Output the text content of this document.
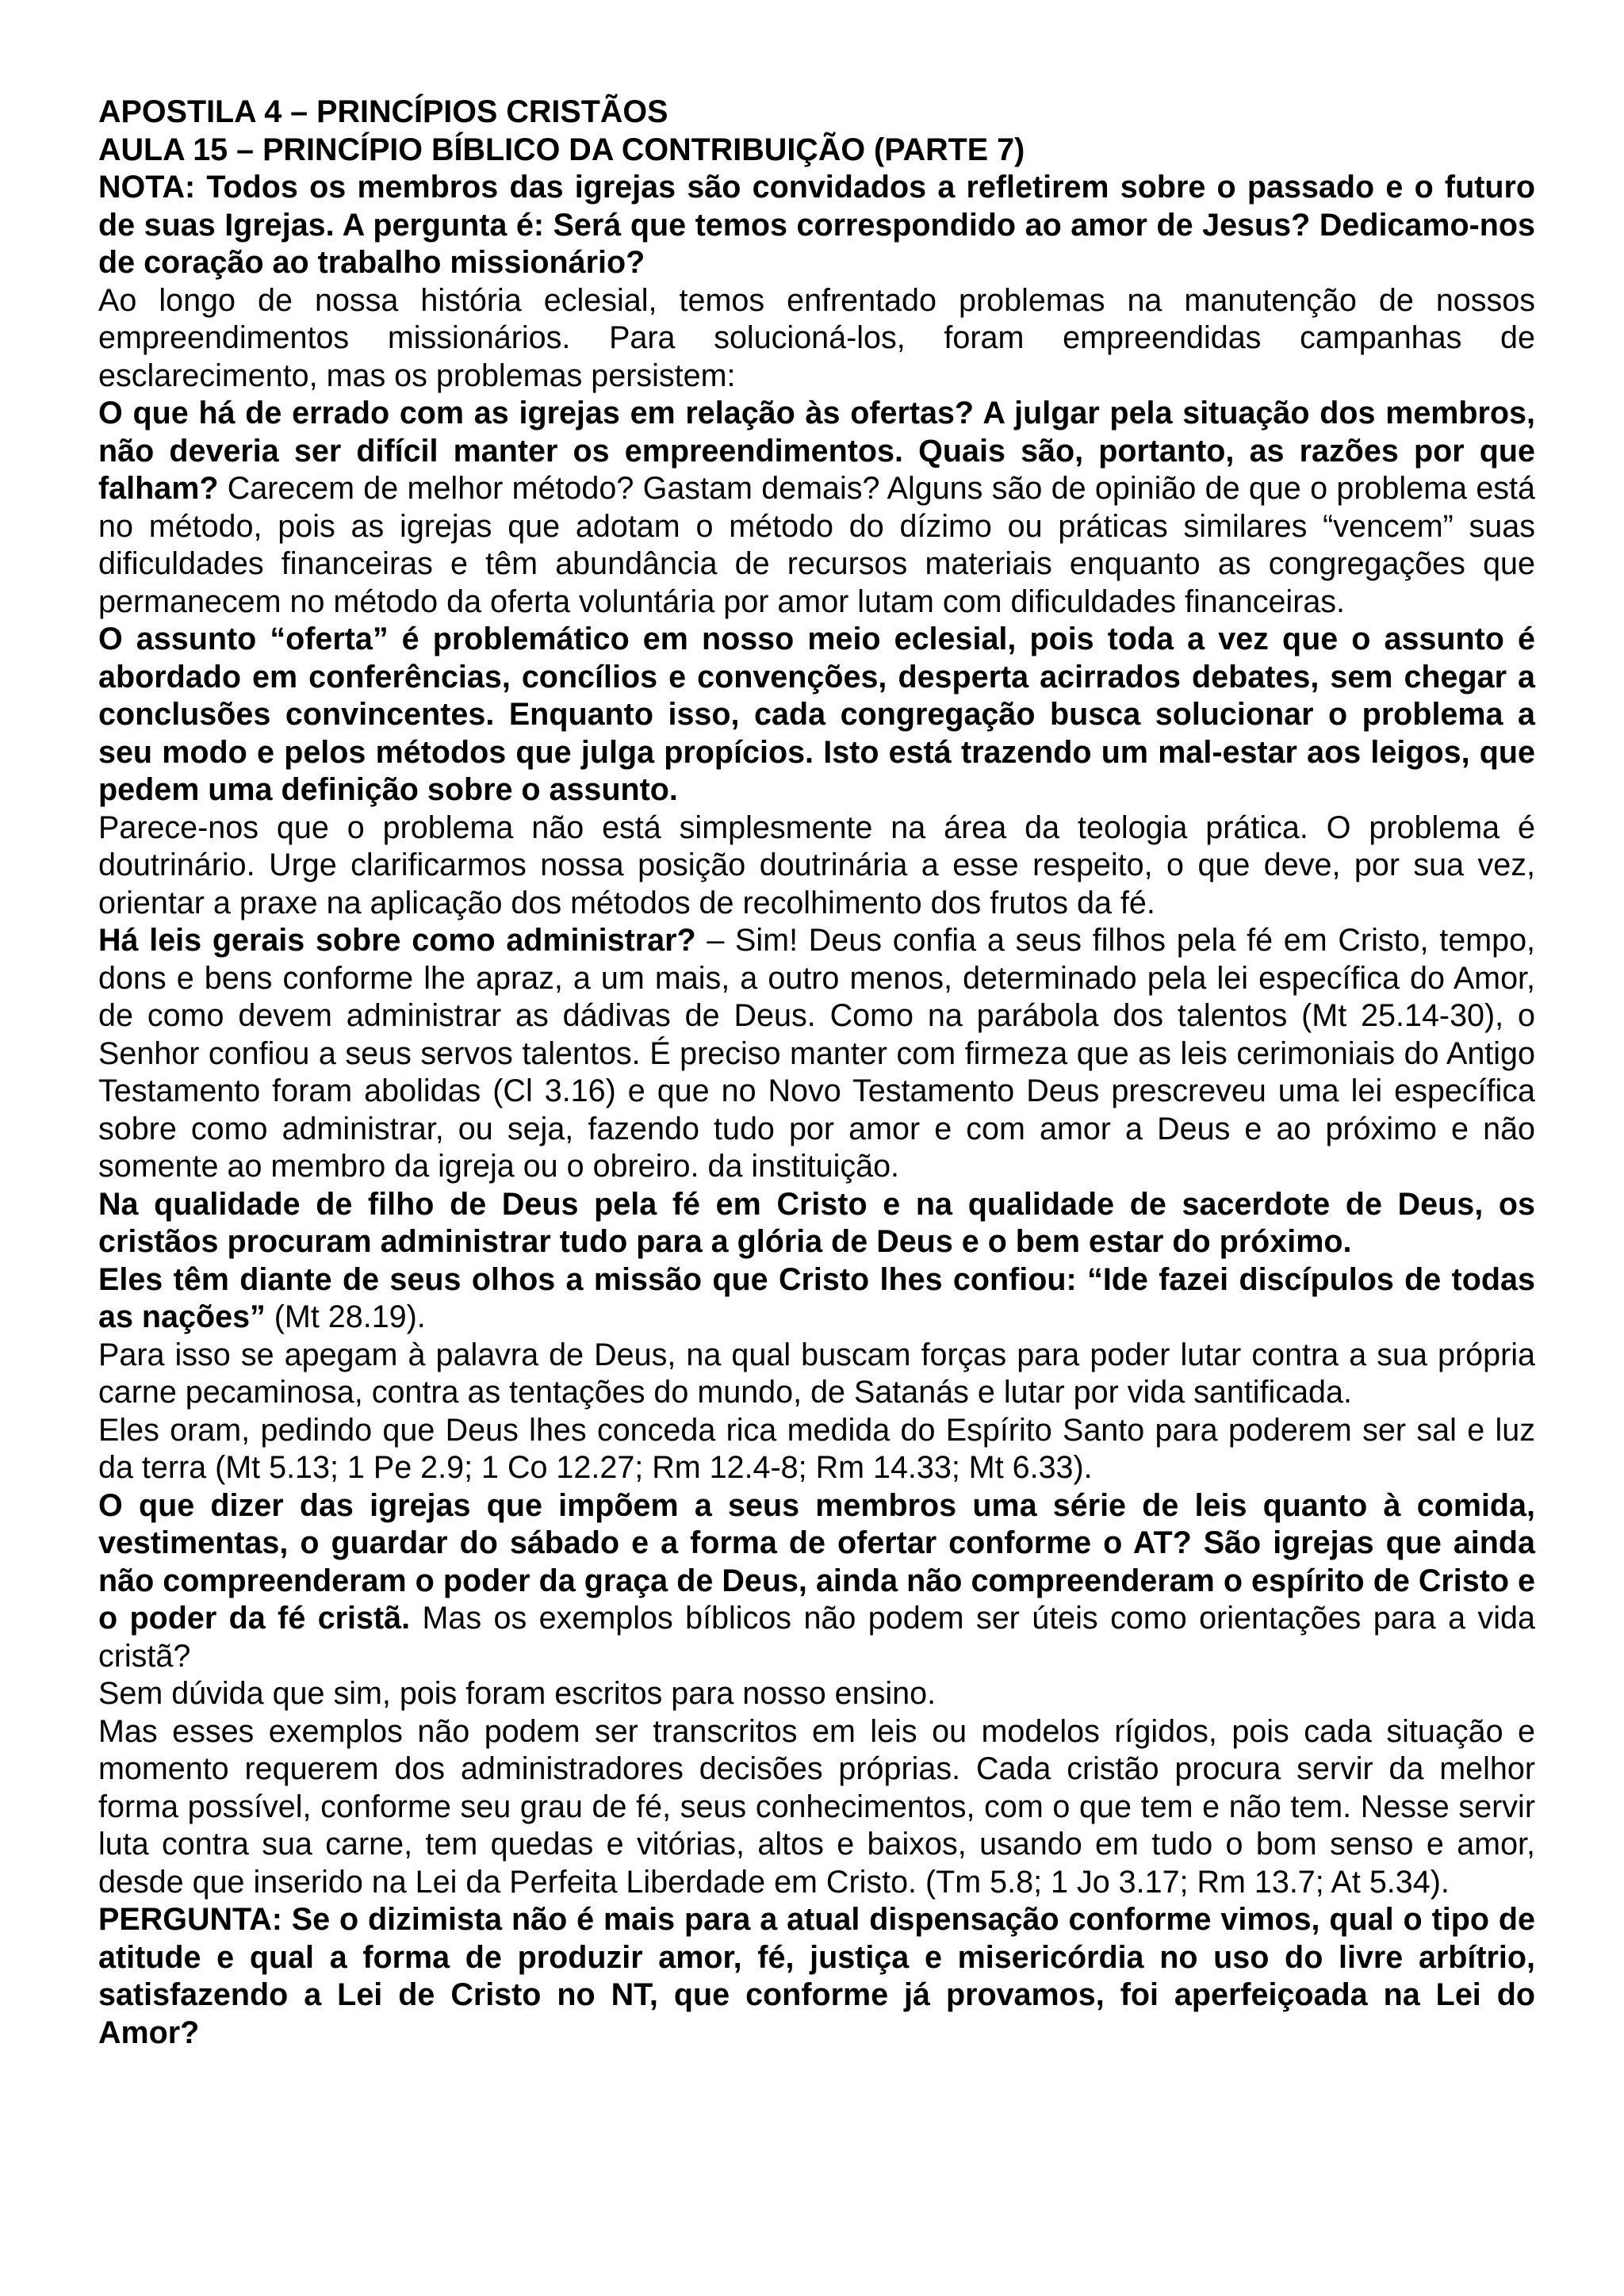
APOSTILA 4 – PRINCÍPIOS CRISTÃOS

AULA 15 – PRINCÍPIO BÍBLICO DA CONTRIBUIÇÃO (PARTE 7)

NOTA: Todos os membros das igrejas são convidados a refletirem sobre o passado e o futuro de suas Igrejas. A pergunta é: Será que temos correspondido ao amor de Jesus? Dedicamo-nos de coração ao trabalho missionário?

Ao longo de nossa história eclesial, temos enfrentado problemas na manutenção de nossos empreendimentos missionários. Para solucioná-los, foram empreendidas campanhas de esclarecimento, mas os problemas persistem:

O que há de errado com as igrejas em relação às ofertas? A julgar pela situação dos membros, não deveria ser difícil manter os empreendimentos. Quais são, portanto, as razões por que falham? Carecem de melhor método? Gastam demais? Alguns são de opinião de que o problema está no método, pois as igrejas que adotam o método do dízimo ou práticas similares “vencem” suas dificuldades financeiras e têm abundância de recursos materiais enquanto as congregações que permanecem no método da oferta voluntária por amor lutam com dificuldades financeiras.

O assunto “oferta” é problemático em nosso meio eclesial, pois toda a vez que o assunto é abordado em conferências, concílios e convenções, desperta acirrados debates, sem chegar a conclusões convincentes. Enquanto isso, cada congregação busca solucionar o problema a seu modo e pelos métodos que julga propícios. Isto está trazendo um mal-estar aos leigos, que pedem uma definição sobre o assunto.

Parece-nos que o problema não está simplesmente na área da teologia prática. O problema é doutrinário. Urge clarificarmos nossa posição doutrinária a esse respeito, o que deve, por sua vez, orientar a praxe na aplicação dos métodos de recolhimento dos frutos da fé.

Há leis gerais sobre como administrar? – Sim! Deus confia a seus filhos pela fé em Cristo, tempo, dons e bens conforme lhe apraz, a um mais, a outro menos, determinado pela lei específica do Amor, de como devem administrar as dádivas de Deus. Como na parábola dos talentos (Mt 25.14-30), o Senhor confiou a seus servos talentos. É preciso manter com firmeza que as leis cerimoniais do Antigo Testamento foram abolidas (Cl 3.16) e que no Novo Testamento Deus prescreveu uma lei específica sobre como administrar, ou seja, fazendo tudo por amor e com amor a Deus e ao próximo e não somente ao membro da igreja ou o obreiro. da instituição.

Na qualidade de filho de Deus pela fé em Cristo e na qualidade de sacerdote de Deus, os cristãos procuram administrar tudo para a glória de Deus e o bem estar do próximo.

Eles têm diante de seus olhos a missão que Cristo lhes confiou: “Ide fazei discípulos de todas as nações” (Mt 28.19).

Para isso se apegam à palavra de Deus, na qual buscam forças para poder lutar contra a sua própria carne pecaminosa, contra as tentações do mundo, de Satanás e lutar por vida santificada.

Eles oram, pedindo que Deus lhes conceda rica medida do Espírito Santo para poderem ser sal e luz da terra (Mt 5.13; 1 Pe 2.9; 1 Co 12.27; Rm 12.4-8; Rm 14.33; Mt 6.33).

O que dizer das igrejas que impõem a seus membros uma série de leis quanto à comida, vestimentas, o guardar do sábado e a forma de ofertar conforme o AT? São igrejas que ainda não compreenderam o poder da graça de Deus, ainda não compreenderam o espírito de Cristo e o poder da fé cristã. Mas os exemplos bíblicos não podem ser úteis como orientações para a vida cristã?

Sem dúvida que sim, pois foram escritos para nosso ensino.

Mas esses exemplos não podem ser transcritos em leis ou modelos rígidos, pois cada situação e momento requerem dos administradores decisões próprias. Cada cristão procura servir da melhor forma possível, conforme seu grau de fé, seus conhecimentos, com o que tem e não tem. Nesse servir luta contra sua carne, tem quedas e vitórias, altos e baixos, usando em tudo o bom senso e amor, desde que inserido na Lei da Perfeita Liberdade em Cristo. (Tm 5.8; 1 Jo 3.17; Rm 13.7; At 5.34).

PERGUNTA: Se o dizimista não é mais para a atual dispensação conforme vimos, qual o tipo de atitude e qual a forma de produzir amor, fé, justiça e misericórdia no uso do livre arbítrio, satisfazendo a Lei de Cristo no NT, que conforme já provamos, foi aperfeiçoada na Lei do Amor?
